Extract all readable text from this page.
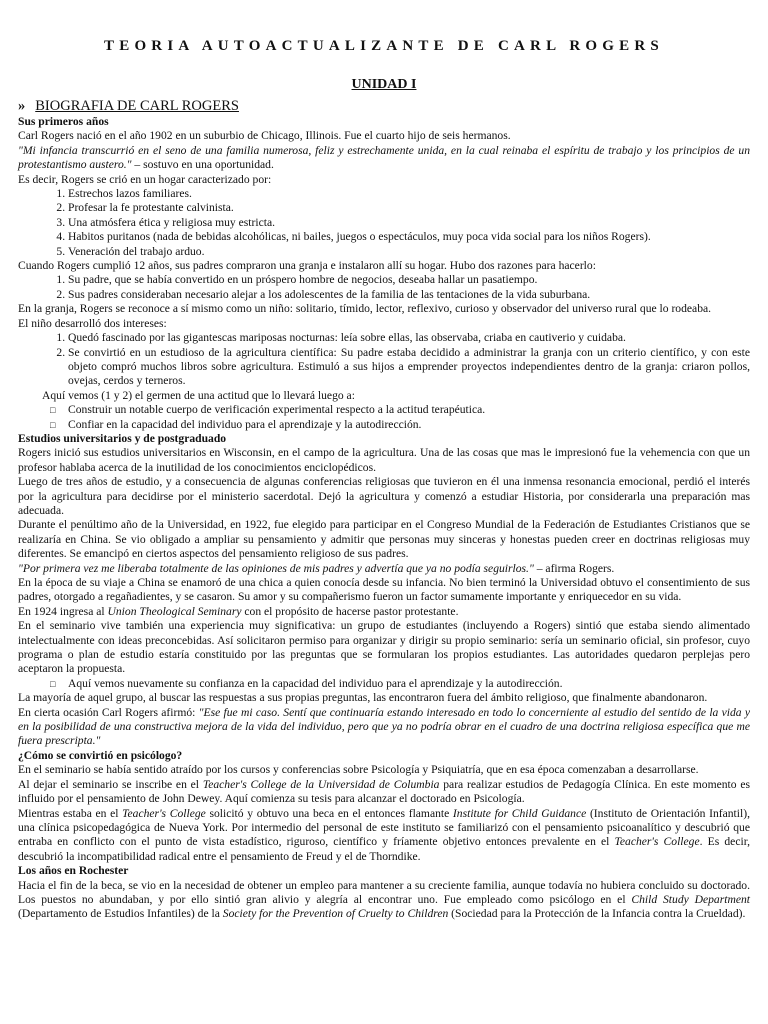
TEORIA AUTOACTUALIZANTE DE CARL ROGERS
UNIDAD I
» BIOGRAFIA DE CARL ROGERS
Sus primeros años

Carl Rogers nació en el año 1902 en un suburbio de Chicago, Illinois. Fue el cuarto hijo de seis hermanos.

"Mi infancia transcurrió en el seno de una familia numerosa, feliz y estrechamente unida, en la cual reinaba el espíritu de trabajo y los principios de un protestantismo austero." – sostuvo en una oportunidad.

Es decir, Rogers se crió en un hogar caracterizado por:

1. Estrechos lazos familiares.
2. Profesar la fe protestante calvinista.
3. Una atmósfera ética y religiosa muy estricta.
4. Habitos puritanos (nada de bebidas alcohólicas, ni bailes, juegos o espectáculos, muy poca vida social para los niños Rogers).
5. Veneración del trabajo arduo.

Cuando Rogers cumplió 12 años, sus padres compraron una granja e instalaron allí su hogar. Hubo dos razones para hacerlo:

1. Su padre, que se había convertido en un próspero hombre de negocios, deseaba hallar un pasatiempo.
2. Sus padres consideraban necesario alejar a los adolescentes de la familia de las tentaciones de la vida suburbana.

En la granja, Rogers se reconoce a sí mismo como un niño: solitario, tímido, lector, reflexivo, curioso y observador del universo rural que lo rodeaba.

El niño desarrolló dos intereses:

1. Quedó fascinado por las gigantescas mariposas nocturnas: leía sobre ellas, las observaba, criaba en cautiverio y cuidaba.
2. Se convirtió en un estudioso de la agricultura científica: Su padre estaba decidido a administrar la granja con un criterio científico, y con este objeto compró muchos libros sobre agricultura. Estimuló a sus hijos a emprender proyectos independientes dentro de la granja: criaron pollos, ovejas, cerdos y terneros.

Aquí vemos (1 y 2) el germen de una actitud que lo llevará luego a:

□ Construir un notable cuerpo de verificación experimental respecto a la actitud terapéutica.
□ Confiar en la capacidad del individuo para el aprendizaje y la autodirección.
Estudios universitarios y de postgraduado

Rogers inició sus estudios universitarios en Wisconsin, en el campo de la agricultura. Una de las cosas que mas le impresionó fue la vehemencia con que un profesor hablaba acerca de la inutilidad de los conocimientos enciclopédicos.

Luego de tres años de estudio, y a consecuencia de algunas conferencias religiosas que tuvieron en él una inmensa resonancia emocional, perdió el interés por la agricultura para decidirse por el ministerio sacerdotal. Dejó la agricultura y comenzó a estudiar Historia, por considerarla una preparación mas adecuada.

Durante el penúltimo año de la Universidad, en 1922, fue elegido para participar en el Congreso Mundial de la Federación de Estudiantes Cristianos que se realizaría en China. Se vio obligado a ampliar su pensamiento y admitir que personas muy sinceras y honestas pueden creer en doctrinas religiosas muy diferentes. Se emancipó en ciertos aspectos del pensamiento religioso de sus padres.

"Por primera vez me liberaba totalmente de las opiniones de mis padres y advertía que ya no podía seguirlos." – afirma Rogers.

En la época de su viaje a China se enamoró de una chica a quien conocía desde su infancia. No bien terminó la Universidad obtuvo el consentimiento de sus padres, otorgado a regañadientes, y se casaron. Su amor y su compañerismo fueron un factor sumamente importante y enriquecedor en su vida.

En 1924 ingresa al Union Theological Seminary con el propósito de hacerse pastor protestante.

En el seminario vive también una experiencia muy significativa: un grupo de estudiantes (incluyendo a Rogers) sintió que estaba siendo alimentado intelectualmente con ideas preconcebidas. Así solicitaron permiso para organizar y dirigir su propio seminario: sería un seminario oficial, sin profesor, cuyo programa o plan de estudio estaría constituido por las preguntas que se formularan los propios estudiantes. Las autoridades quedaron perplejas pero aceptaron la propuesta.

□ Aquí vemos nuevamente su confianza en la capacidad del individuo para el aprendizaje y la autodirección.

La mayoría de aquel grupo, al buscar las respuestas a sus propias preguntas, las encontraron fuera del ámbito religioso, que finalmente abandonaron.

En cierta ocasión Carl Rogers afirmó: "Ese fue mi caso. Sentí que continuaría estando interesado en todo lo concerniente al estudio del sentido de la vida y en la posibilidad de una constructiva mejora de la vida del individuo, pero que ya no podría obrar en el cuadro de una doctrina religiosa específica que me fuera prescripta."

¿Cómo se convirtió en psicólogo?

En el seminario se había sentido atraído por los cursos y conferencias sobre Psicología y Psiquiatría, que en esa época comenzaban a desarrollarse.

Al dejar el seminario se inscribe en el Teacher's College de la Universidad de Columbia para realizar estudios de Pedagogía Clínica. En este momento es influido por el pensamiento de John Dewey. Aquí comienza su tesis para alcanzar el doctorado en Psicología.

Mientras estaba en el Teacher's College solicitó y obtuvo una beca en el entonces flamante Institute for Child Guidance (Instituto de Orientación Infantil), una clínica psicopedagógica de Nueva York. Por intermedio del personal de este instituto se familiarizó con el pensamiento psicoanalítico y descubrió que entraba en conflicto con el punto de vista estadístico, riguroso, científico y fríamente objetivo entonces prevalente en el Teacher's College. Es decir, descubrió la incompatibilidad radical entre el pensamiento de Freud y el de Thorndike.

Los años en Rochester

Hacia el fin de la beca, se vio en la necesidad de obtener un empleo para mantener a su creciente familia, aunque todavía no hubiera concluido su doctorado. Los puestos no abundaban, y por ello sintió gran alivio y alegría al encontrar uno. Fue empleado como psicólogo en el Child Study Department (Departamento de Estudios Infantiles) de la Society for the Prevention of Cruelty to Children (Sociedad para la Protección de la Infancia contra la Crueldad).
